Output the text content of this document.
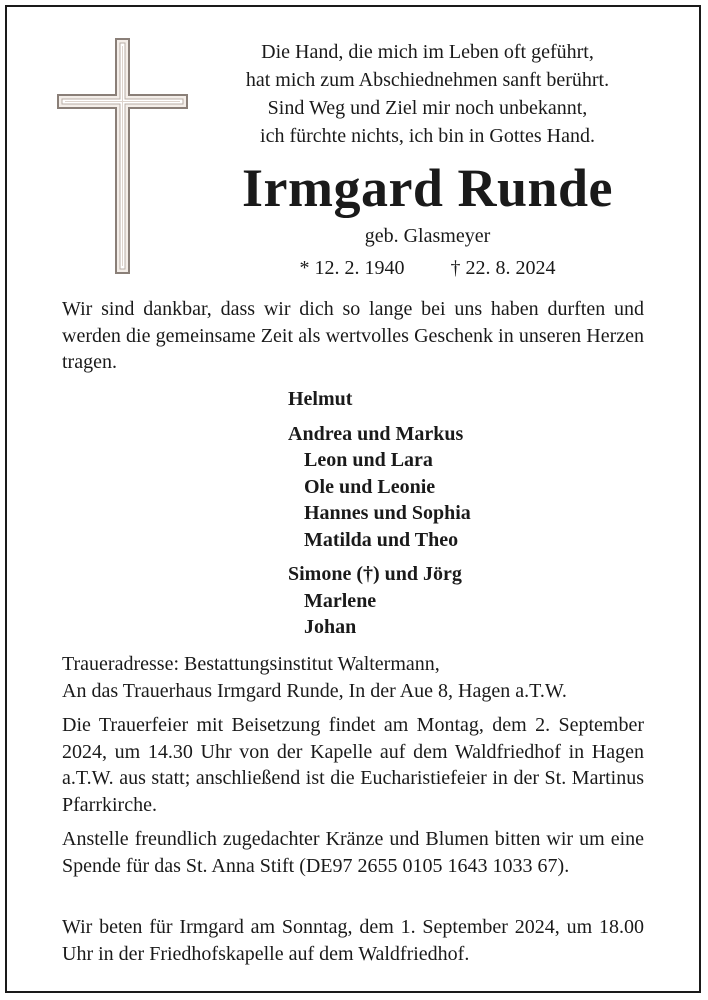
Die Hand, die mich im Leben oft geführt,
hat mich zum Abschiednehmen sanft berührt.
Sind Weg und Ziel mir noch unbekannt,
ich fürchte nichts, ich bin in Gottes Hand.
Irmgard Runde
geb. Glasmeyer
* 12. 2. 1940 † 22. 8. 2024
Wir sind dankbar, dass wir dich so lange bei uns haben durften und werden die gemeinsame Zeit als wertvolles Geschenk in unseren Herzen tragen.
Helmut
Andrea und Markus
Leon und Lara
Ole und Leonie
Hannes und Sophia
Matilda und Theo
Simone (†) und Jörg
Marlene
Johan
Traueradresse: Bestattungsinstitut Waltermann,
An das Trauerhaus Irmgard Runde, In der Aue 8, Hagen a.T.W.
Die Trauerfeier mit Beisetzung findet am Montag, dem 2. September 2024, um 14.30 Uhr von der Kapelle auf dem Waldfriedhof in Hagen a.T.W. aus statt; anschließend ist die Eucharistiefeier in der St. Martinus Pfarrkirche.
Anstelle freundlich zugedachter Kränze und Blumen bitten wir um eine Spende für das St. Anna Stift (DE97 2655 0105 1643 1033 67).
Wir beten für Irmgard am Sonntag, dem 1. September 2024, um 18.00 Uhr in der Friedhofskapelle auf dem Waldfriedhof.
